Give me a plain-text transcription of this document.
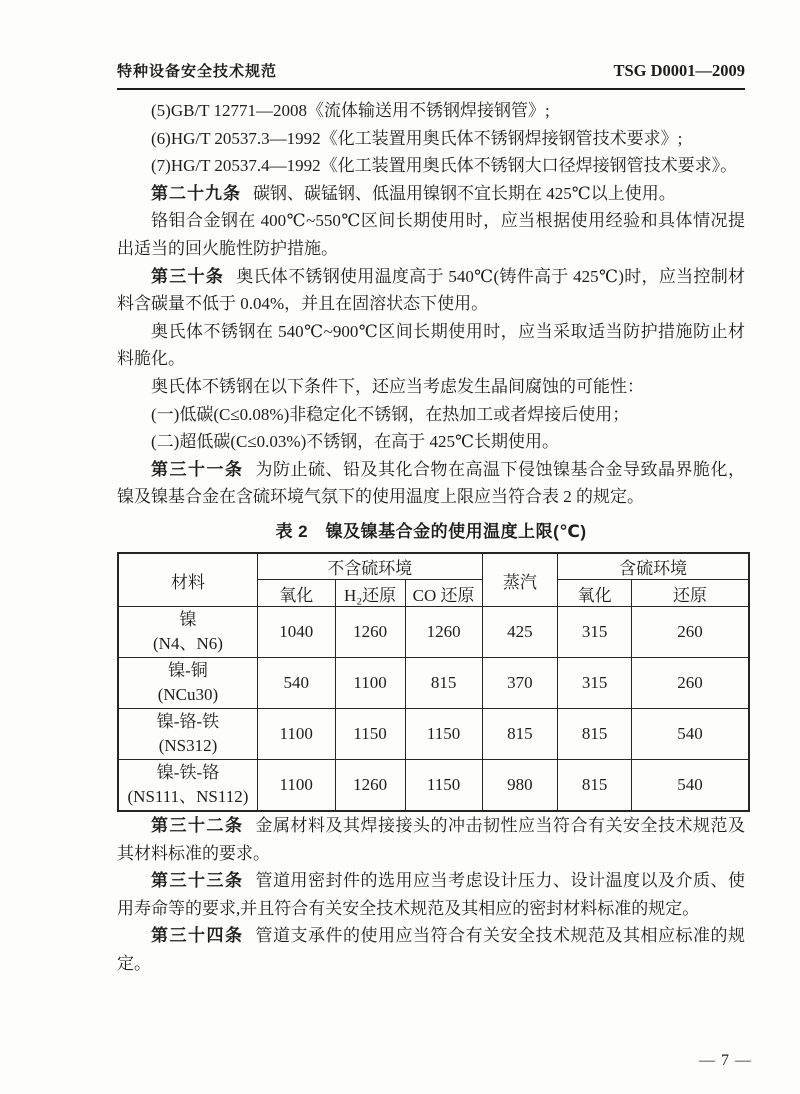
特种设备安全技术规范	TSG D0001—2009

(5)GB/T 12771—2008《流体输送用不锈钢焊接钢管》;

(6)HG/T 20537.3—1992《化工装置用奥氏体不锈钢焊接钢管技术要求》;

(7)HG/T 20537.4—1992《化工装置用奥氏体不锈钢大口径焊接钢管技术要求》。

第二十九条 碳钢、碳锰钢、低温用镍钢不宜长期在 425℃以上使用。

铬钼合金钢在 400℃~550℃区间长期使用时，应当根据使用经验和具体情况提出适当的回火脆性防护措施。

第三十条 奥氏体不锈钢使用温度高于 540℃(铸件高于 425℃)时，应当控制材料含碳量不低于 0.04%，并且在固溶状态下使用。

奥氏体不锈钢在 540℃~900℃区间长期使用时，应当采取适当防护措施防止材料脆化。

奥氏体不锈钢在以下条件下，还应当考虑发生晶间腐蚀的可能性：

(一)低碳(C≤0.08%)非稳定化不锈钢，在热加工或者焊接后使用；

(二)超低碳(C≤0.03%)不锈钢，在高于 425℃长期使用。

第三十一条 为防止硫、铅及其化合物在高温下侵蚀镍基合金导致晶界脆化，镍及镍基合金在含硫环境气氛下的使用温度上限应当符合表 2 的规定。

表 2　镍及镍基合金的使用温度上限(℃)
材料	不含硫环境			蒸汽	含硫环境	
	氧化	H₂还原	CO 还原		氧化	还原

镍
(N4、N6)	1040	1260	1260	425	315	260

镍-铜
(NCu30)	540	1100	815	370	315	260

镍-铬-铁
(NS312)	1100	1150	1150	815	815	540

镍-铁-铬
(NS111、NS112)	1100	1260	1150	980	815	540

第三十二条 金属材料及其焊接接头的冲击韧性应当符合有关安全技术规范及其材料标准的要求。

第三十三条 管道用密封件的选用应当考虑设计压力、设计温度以及介质、使用寿命等的要求,并且符合有关安全技术规范及其相应的密封材料标准的规定。

第三十四条 管道支承件的使用应当符合有关安全技术规范及其相应标准的规定。

— 7 —
